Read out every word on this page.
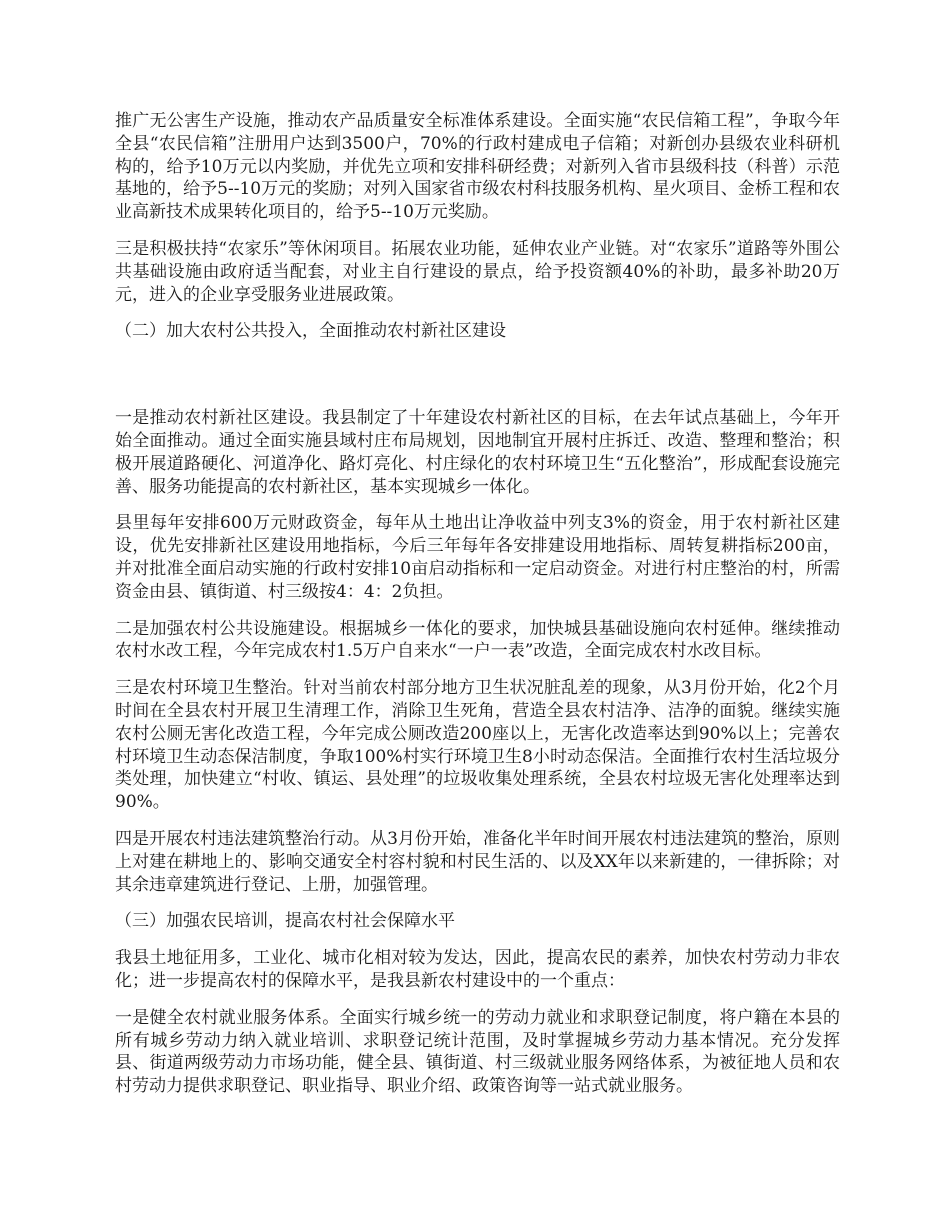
推广无公害生产设施，推动农产品质量安全标准体系建设。全面实施“农民信箱工程”，争取今年全县“农民信箱”注册用户达到3500户，70%的行政村建成电子信箱；对新创办县级农业科研机构的，给予10万元以内奖励，并优先立项和安排科研经费；对新列入省市县级科技（科普）示范基地的，给予5--10万元的奖励；对列入国家省市级农村科技服务机构、星火项目、金桥工程和农业高新技术成果转化项目的，给予5--10万元奖励。

三是积极扶持“农家乐”等休闲项目。拓展农业功能，延伸农业产业链。对“农家乐”道路等外围公共基础设施由政府适当配套，对业主自行建设的景点，给予投资额40%的补助，最多补助20万元，进入的企业享受服务业进展政策。

（二）加大农村公共投入，全面推动农村新社区建设

一是推动农村新社区建设。我县制定了十年建设农村新社区的目标，在去年试点基础上，今年开始全面推动。通过全面实施县域村庄布局规划，因地制宜开展村庄拆迁、改造、整理和整治；积极开展道路硬化、河道净化、路灯亮化、村庄绿化的农村环境卫生“五化整治”，形成配套设施完善、服务功能提高的农村新社区，基本实现城乡一体化。

县里每年安排600万元财政资金，每年从土地出让净收益中列支3%的资金，用于农村新社区建设，优先安排新社区建设用地指标，今后三年每年各安排建设用地指标、周转复耕指标200亩，并对批准全面启动实施的行政村安排10亩启动指标和一定启动资金。对进行村庄整治的村，所需资金由县、镇街道、村三级按4：4：2负担。

二是加强农村公共设施建设。根据城乡一体化的要求，加快城县基础设施向农村延伸。继续推动农村水改工程，今年完成农村1.5万户自来水“一户一表”改造，全面完成农村水改目标。

三是农村环境卫生整治。针对当前农村部分地方卫生状况脏乱差的现象，从3月份开始，化2个月时间在全县农村开展卫生清理工作，消除卫生死角，营造全县农村洁净、洁净的面貌。继续实施农村公厕无害化改造工程，今年完成公厕改造200座以上，无害化改造率达到90%以上；完善农村环境卫生动态保洁制度，争取100%村实行环境卫生8小时动态保洁。全面推行农村生活垃圾分类处理，加快建立“村收、镇运、县处理”的垃圾收集处理系统，全县农村垃圾无害化处理率达到90%。

四是开展农村违法建筑整治行动。从3月份开始，准备化半年时间开展农村违法建筑的整治，原则上对建在耕地上的、影响交通安全村容村貌和村民生活的、以及XX年以来新建的，一律拆除；对其余违章建筑进行登记、上册，加强管理。

（三）加强农民培训，提高农村社会保障水平

我县土地征用多，工业化、城市化相对较为发达，因此，提高农民的素养，加快农村劳动力非农化；进一步提高农村的保障水平，是我县新农村建设中的一个重点：

一是健全农村就业服务体系。全面实行城乡统一的劳动力就业和求职登记制度，将户籍在本县的所有城乡劳动力纳入就业培训、求职登记统计范围，及时掌握城乡劳动力基本情况。充分发挥县、街道两级劳动力市场功能，健全县、镇街道、村三级就业服务网络体系，为被征地人员和农村劳动力提供求职登记、职业指导、职业介绍、政策咨询等一站式就业服务。
